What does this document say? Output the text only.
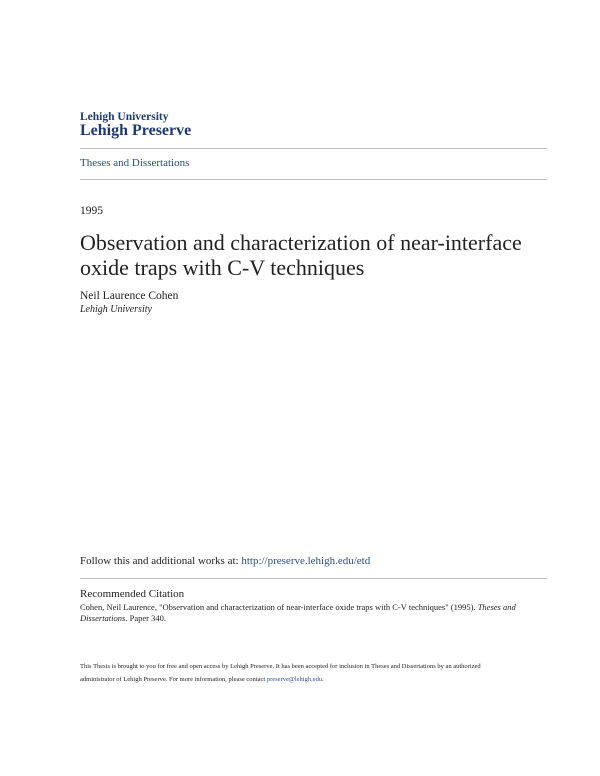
Lehigh University
Lehigh Preserve
Theses and Dissertations
1995
Observation and characterization of near-interface oxide traps with C-V techniques
Neil Laurence Cohen
Lehigh University
Follow this and additional works at: http://preserve.lehigh.edu/etd
Recommended Citation
Cohen, Neil Laurence, "Observation and characterization of near-interface oxide traps with C-V techniques" (1995). Theses and Dissertations. Paper 340.
This Thesis is brought to you for free and open access by Lehigh Preserve. It has been accepted for inclusion in Theses and Dissertations by an authorized administrator of Lehigh Preserve. For more information, please contact preserve@lehigh.edu.
